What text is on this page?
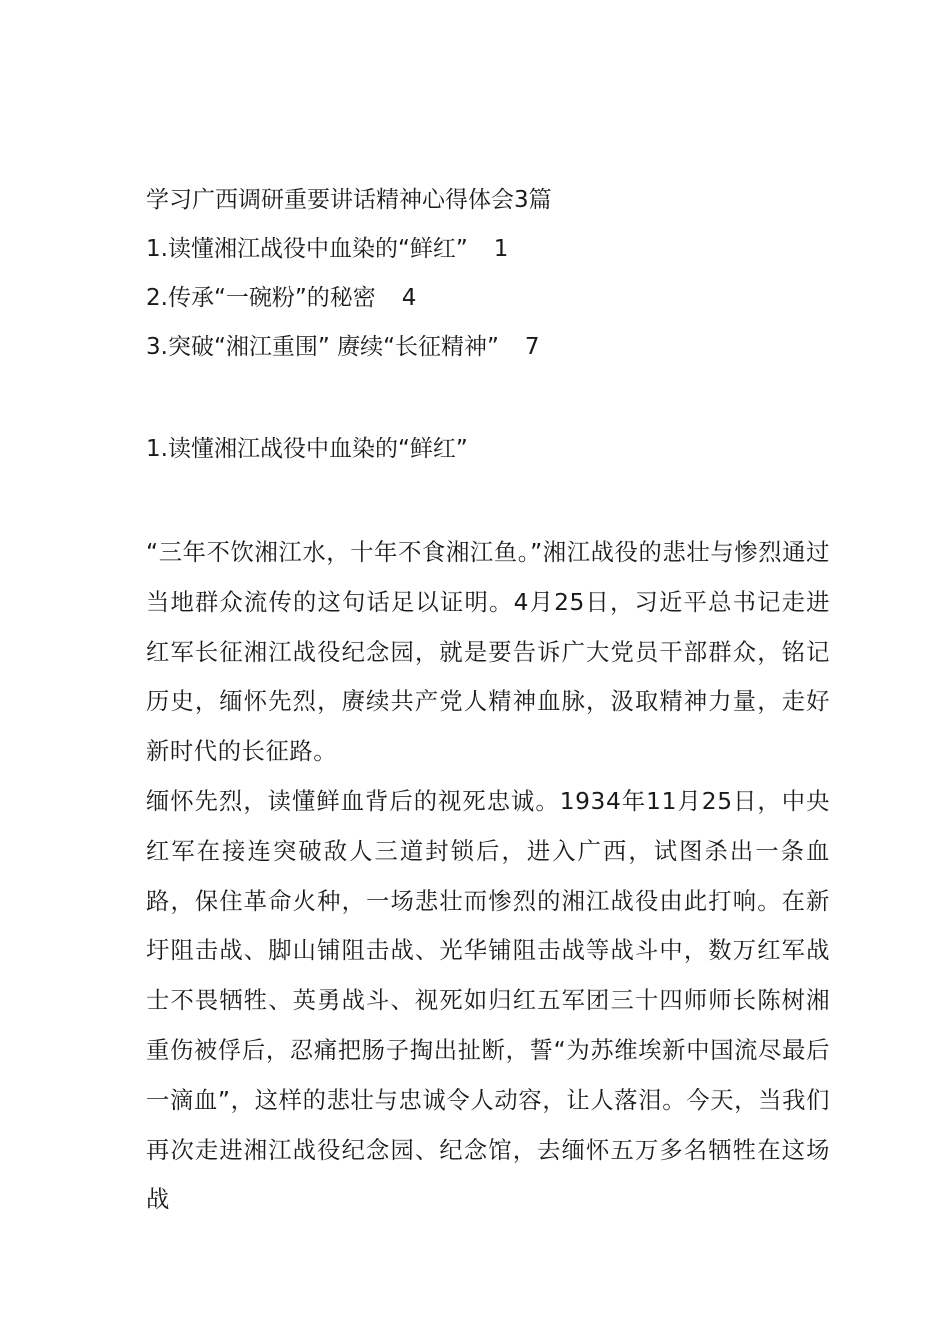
学习广西调研重要讲话精神心得体会3篇
1.读懂湘江战役中血染的“鲜红” 1
2.传承“一碗粉”的秘密 4
3.突破“湘江重围” 赓续“长征精神” 7
1.读懂湘江战役中血染的“鲜红”

“三年不饮湘江水，十年不食湘江鱼。”湘江战役的悲壮与惨烈通过当地群众流传的这句话足以证明。4月25日，习近平总书记走进红军长征湘江战役纪念园，就是要告诉广大党员干部群众，铭记历史，缅怀先烈，赓续共产党人精神血脉，汲取精神力量，走好新时代的长征路。

缅怀先烈，读懂鲜血背后的视死忠诚。1934年11月25日，中央红军在接连突破敌人三道封锁后，进入广西，试图杀出一条血路，保住革命火种，一场悲壮而惨烈的湘江战役由此打响。在新圩阻击战、脚山铺阻击战、光华铺阻击战等战斗中，数万红军战士不畏牺牲、英勇战斗、视死如归红五军团三十四师师长陈树湘重伤被俘后，忍痛把肠子掏出扯断，誓“为苏维埃新中国流尽最后一滴血”，这样的悲壮与忠诚令人动容，让人落泪。今天，当我们再次走进湘江战役纪念园、纪念馆，去缅怀五万多名牺牲在这场战
